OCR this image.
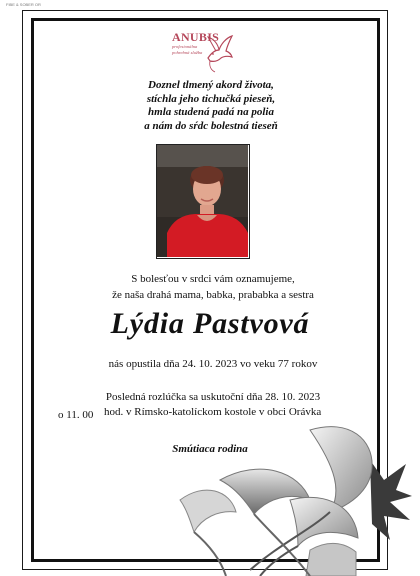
FIBE & SOBER OR
ANUBIS
profesionálna pohrebná služba
Doznel tlmený akord života,
stíchla jeho tichučká pieseň,
hmla studená padá na polia
a nám do sŕdc bolestná tieseň
S bolesťou v srdci vám oznamujeme,
že naša drahá mama, babka, prababka a sestra
Lýdia Pastvová
nás opustila dňa 24. 10. 2023 vo veku 77 rokov
Posledná rozlúčka sa uskutoční dňa 28. 10. 2023
o 11. 00 hod. v Rímsko-katolíckom kostole v obci Orávka
Smútiaca rodina
